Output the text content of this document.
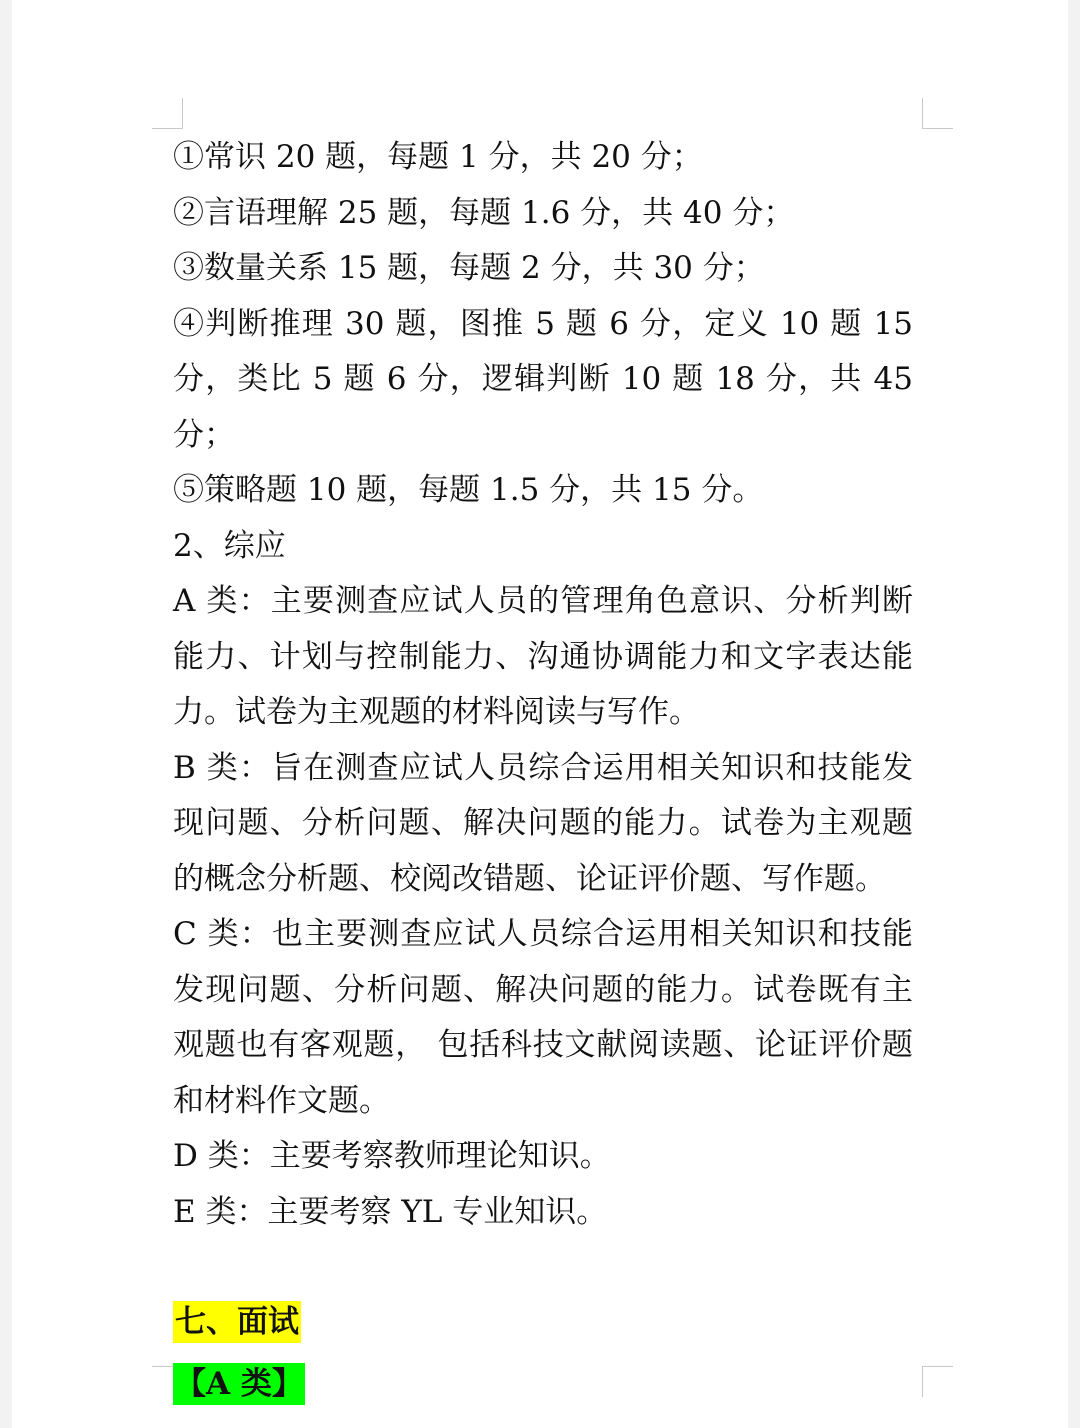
①常识 20 题，每题 1 分，共 20 分；

②言语理解 25 题，每题 1.6 分，共 40 分；

③数量关系 15 题，每题 2 分，共 30 分；

④判断推理 30 题，图推 5 题 6 分，定义 10 题 15 分，类比 5 题 6 分，逻辑判断 10 题 18 分，共 45 分；

⑤策略题 10 题，每题 1.5 分，共 15 分。

2、综应

A 类：主要测查应试人员的管理角色意识、分析判断能力、计划与控制能力、沟通协调能力和文字表达能力。试卷为主观题的材料阅读与写作。

B 类：旨在测查应试人员综合运用相关知识和技能发现问题、分析问题、解决问题的能力。试卷为主观题的概念分析题、校阅改错题、论证评价题、写作题。

C 类：也主要测查应试人员综合运用相关知识和技能发现问题、分析问题、解决问题的能力。试卷既有主观题也有客观题， 包括科技文献阅读题、论证评价题和材料作文题。

D 类：主要考察教师理论知识。

E 类：主要考察 YL 专业知识。

七、面试
【A 类】
